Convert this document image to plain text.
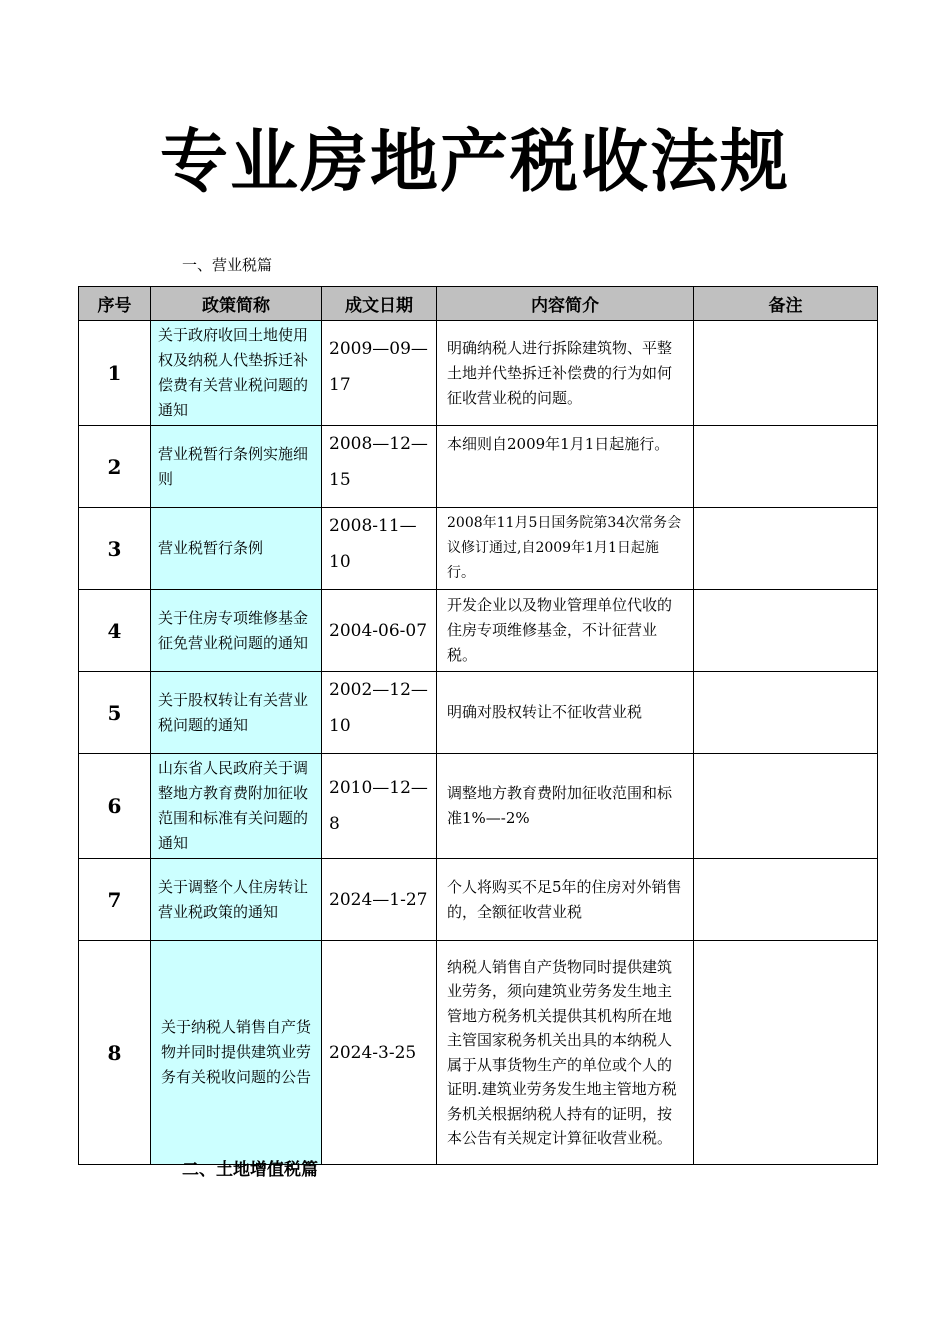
专业房地产税收法规
一、营业税篇
序号	政策简称	成文日期	内容简介	备注
1	关于政府收回土地使用权及纳税人代垫拆迁补偿费有关营业税问题的通知	2009—09—17	明确纳税人进行拆除建筑物、平整土地并代垫拆迁补偿费的行为如何征收营业税的问题。	
2	营业税暂行条例实施细则	2008—12—15	本细则自2009年1月1日起施行。	
3	营业税暂行条例	2008-11—10	2008年11月5日国务院第34次常务会议修订通过,自2009年1月1日起施行。	
4	关于住房专项维修基金征免营业税问题的通知	2004-06-07	开发企业以及物业管理单位代收的住房专项维修基金，不计征营业税。	
5	关于股权转让有关营业税问题的通知	2002—12—10	明确对股权转让不征收营业税	
6	山东省人民政府关于调整地方教育费附加征收范围和标准有关问题的通知	2010—12—8	调整地方教育费附加征收范围和标准1%—-2%	
7	关于调整个人住房转让营业税政策的通知	2024—1-27	个人将购买不足5年的住房对外销售的，全额征收营业税	
8	关于纳税人销售自产货物并同时提供建筑业劳务有关税收问题的公告	2024-3-25	纳税人销售自产货物同时提供建筑业劳务，须向建筑业劳务发生地主管地方税务机关提供其机构所在地主管国家税务机关出具的本纳税人属于从事货物生产的单位或个人的证明.建筑业劳务发生地主管地方税务机关根据纳税人持有的证明，按本公告有关规定计算征收营业税。	
二、土地增值税篇
